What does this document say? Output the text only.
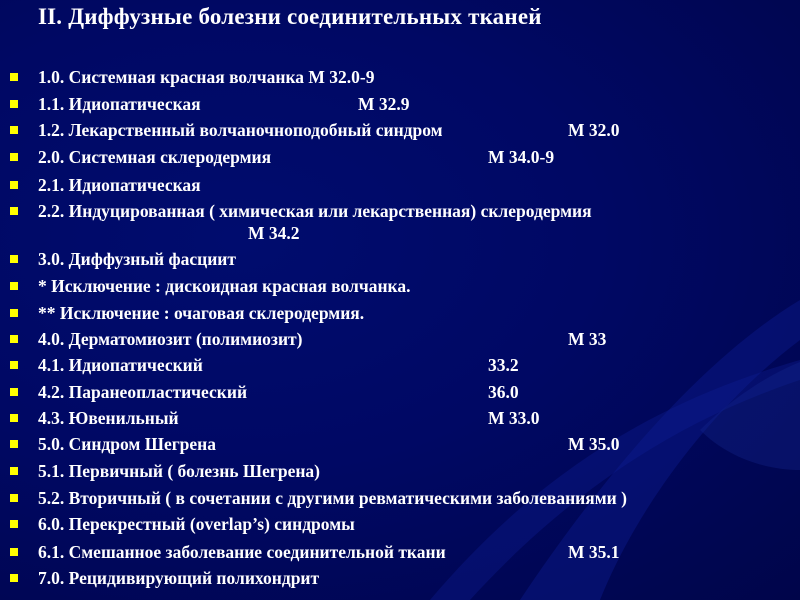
II. Диффузные болезни соединительных тканей
1.0. Системная красная волчанка М 32.0-9
1.1. Идиопатическая	М 32.9
1.2. Лекарственный волчаночноподобный синдром	М 32.0
2.0. Системная склеродермия	М 34.0-9
2.1. Идиопатическая
2.2. Индуцированная ( химическая или лекарственная) склеродермия
М 34.2
3.0. Диффузный фасциит
* Исключение : дискоидная красная волчанка.
** Исключение : очаговая склеродермия.
4.0. Дерматомиозит (полимиозит)	М 33
4.1. Идиопатический	33.2
4.2. Паранеопластический	36.0
4.3. Ювенильный	М 33.0
5.0. Синдром Шегрена	М 35.0
5.1. Первичный ( болезнь Шегрена)
5.2. Вторичный ( в сочетании с другими ревматическими заболеваниями )
6.0. Перекрестный (overlap’s) синдромы
6.1. Смешанное заболевание соединительной ткани	М 35.1
7.0. Рецидивирующий полихондрит
